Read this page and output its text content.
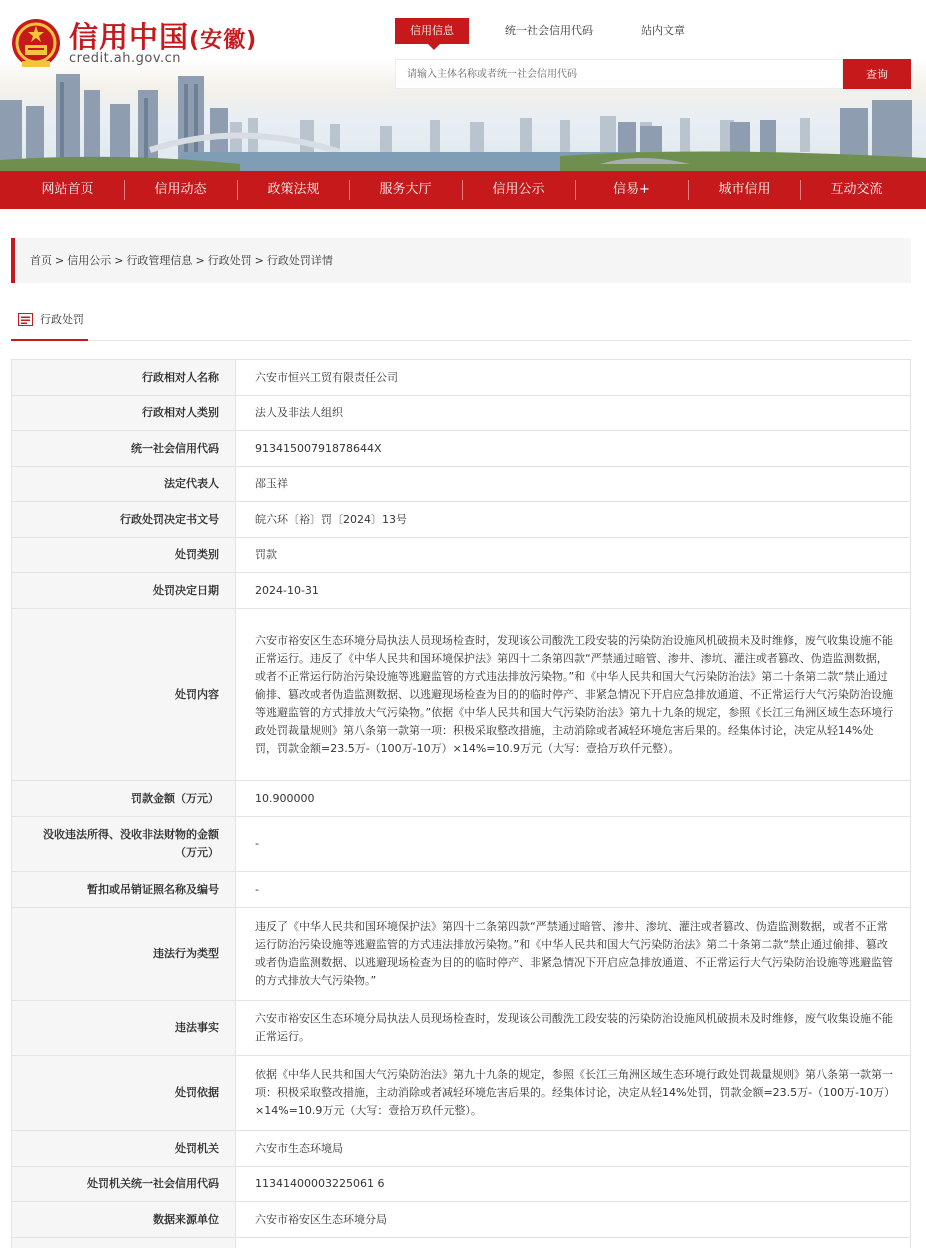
信用中国(安徽)
credit.ah.gov.cn
信用信息	统一社会信用代码	站内文章
请输入主体名称或者统一社会信用代码
查询
网站首页	信用动态	政策法规	服务大厅	信用公示	信易+	城市信用	互动交流
首页 > 信用公示 > 行政管理信息 > 行政处罚 > 行政处罚详情
行政处罚
行政相对人名称	六安市恒兴工贸有限责任公司
行政相对人类别	法人及非法人组织
统一社会信用代码	91341500791878644X
法定代表人	邵玉祥
行政处罚决定书文号	皖六环〔裕〕罚〔2024〕13号
处罚类别	罚款
处罚决定日期	2024-10-31
处罚内容	六安市裕安区生态环境分局执法人员现场检查时，发现该公司酸洗工段安装的污染防治设施风机破损未及时维修，废气收集设施不能正常运行。违反了《中华人民共和国环境保护法》第四十二条第四款“严禁通过暗管、渗井、渗坑、灌注或者篡改、伪造监测数据，或者不正常运行防治污染设施等逃避监管的方式违法排放污染物。”和《中华人民共和国大气污染防治法》第二十条第二款“禁止通过偷排、篡改或者伪造监测数据、以逃避现场检查为目的的临时停产、非紧急情况下开启应急排放通道、不正常运行大气污染防治设施等逃避监管的方式排放大气污染物。”依据《中华人民共和国大气污染防治法》第九十九条的规定，参照《长江三角洲区域生态环境行政处罚裁量规则》第八条第一款第一项：积极采取整改措施，主动消除或者减轻环境危害后果的。经集体讨论，决定从轻14%处罚，罚款金额=23.5万-（100万-10万）×14%=10.9万元（大写：壹拾万玖仟元整）。
罚款金额（万元）	10.900000
没收违法所得、没收非法财物的金额（万元）	-
暂扣或吊销证照名称及编号	-
违法行为类型	违反了《中华人民共和国环境保护法》第四十二条第四款“严禁通过暗管、渗井、渗坑、灌注或者篡改、伪造监测数据，或者不正常运行防治污染设施等逃避监管的方式违法排放污染物。”和《中华人民共和国大气污染防治法》第二十条第二款“禁止通过偷排、篡改或者伪造监测数据、以逃避现场检查为目的的临时停产、非紧急情况下开启应急排放通道、不正常运行大气污染防治设施等逃避监管的方式排放大气污染物。”
违法事实	六安市裕安区生态环境分局执法人员现场检查时，发现该公司酸洗工段安装的污染防治设施风机破损未及时维修，废气收集设施不能正常运行。
处罚依据	依据《中华人民共和国大气污染防治法》第九十九条的规定，参照《长江三角洲区域生态环境行政处罚裁量规则》第八条第一款第一项：积极采取整改措施，主动消除或者减轻环境危害后果的。经集体讨论，决定从轻14%处罚，罚款金额=23.5万-（100万-10万）×14%=10.9万元（大写：壹拾万玖仟元整）。
处罚机关	六安市生态环境局
处罚机关统一社会信用代码	11341400003225061 6
数据来源单位	六安市裕安区生态环境分局
